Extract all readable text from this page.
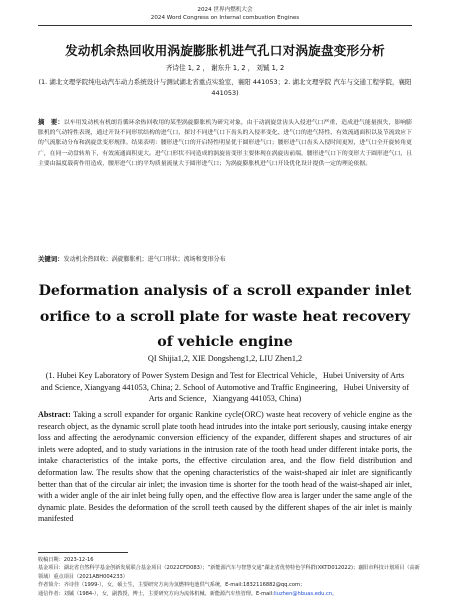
2024 世界内燃机大会
2024 Word Congress on Internal combustion Engines
发动机余热回收用涡旋膨胀机进气孔口对涡旋盘变形分析
齐诗佳 1, 2 ， 谢东升 1, 2 ， 刘铖 1, 2
(1. 湖北文理学院纯电动汽车动力系统设计与测试湖北省重点实验室，襄阳 441053；2. 湖北文理学院 汽车与交通工程学院，襄阳 441053)
摘　要：以车用发动机有机朗肯循环余热回收用的某型涡旋膨胀机为研究对象，由于动涡旋盘齿头入侵进气口严重，造成进气能量损失，影响膨胀机的气动特性表现，通过开设不同形状结构的进气口，探讨不同进气口下齿头的入侵率变化、进气口的进气特性、有效流通面积以及节流效应下的气流胀动分布和涡旋盘变形规律。结果表明：腰形进气口的开启特性明显优于圆形进气口；腰形进气口齿头入侵时间更短，进气口全开旋转角更广，在同一动盘转角下，有效流通面积更大。进气口形状不同造成的涡旋齿变形主要体现在涡旋齿前端，腰形进气口下的变形大于圆形进气口，且主要由温度载荷作用造成，腰形进气口的平均质量流量大于圆形进气口；为涡旋膨胀机进气口开设优化设计提供一定的理论依据。
关键词：发动机余热回收；涡旋膨胀机；进气口形状；流场和变形分布
Deformation analysis of a scroll expander inlet orifice to a scroll plate for waste heat recovery of vehicle engine
QI Shijia1,2, XIE Dongsheng1,2, LIU Zhen1,2
(1. Hubei Key Laboratory of Power System Design and Test for Electrical Vehicle，Hubei University of Arts and Science, Xiangyang 441053, China; 2. School of Automotive and Traffic Engineering，Hubei University of Arts and Science，Xiangyang 441053, China)
Abstract: Taking a scroll expander for organic Rankine cycle(ORC) waste heat recovery of vehicle engine as the research object, as the dynamic scroll plate tooth head intrudes into the intake port seriously, causing intake energy loss and affecting the aerodynamic conversion efficiency of the expander, different shapes and structures of air inlets were adopted, and to study variations in the intrusion rate of the tooth head under different intake ports, the intake characteristics of the intake ports, the effective circulation area, and the flow field distribution and deformation law. The results show that the opening characteristics of the waist-shaped air inlet are significantly better than that of the circular air inlet; the invasion time is shorter for the tooth head of the waist-shaped air inlet, with a wider angle of the air inlet being fully open, and the effective flow area is larger under the same angle of the dynamic plate. Besides the deformation of the scroll teeth caused by the different shapes of the air inlet is mainly manifested
收稿日期：2023-12-16
基金项目：湖北省自然科学基金创新发展联合基金项目（2022CFD083）；“新能源汽车与智慧交通”湖北省优势特色学科群(XKTD012022)；襄阳市科技计划项目（高新领域）重点项目（2021ABH004233）
作者简介：齐诗佳（1999-），女，硕士生，主要研究方向为氢燃料电池供气系统，E-mail:1832116882@qq.com；
通信作者：刘铖（1984-），女，副教授，博士，主要研究方向为流体机械、新能源汽车热管理。E-mail:liuzhen@hbuas.edu.cn。
